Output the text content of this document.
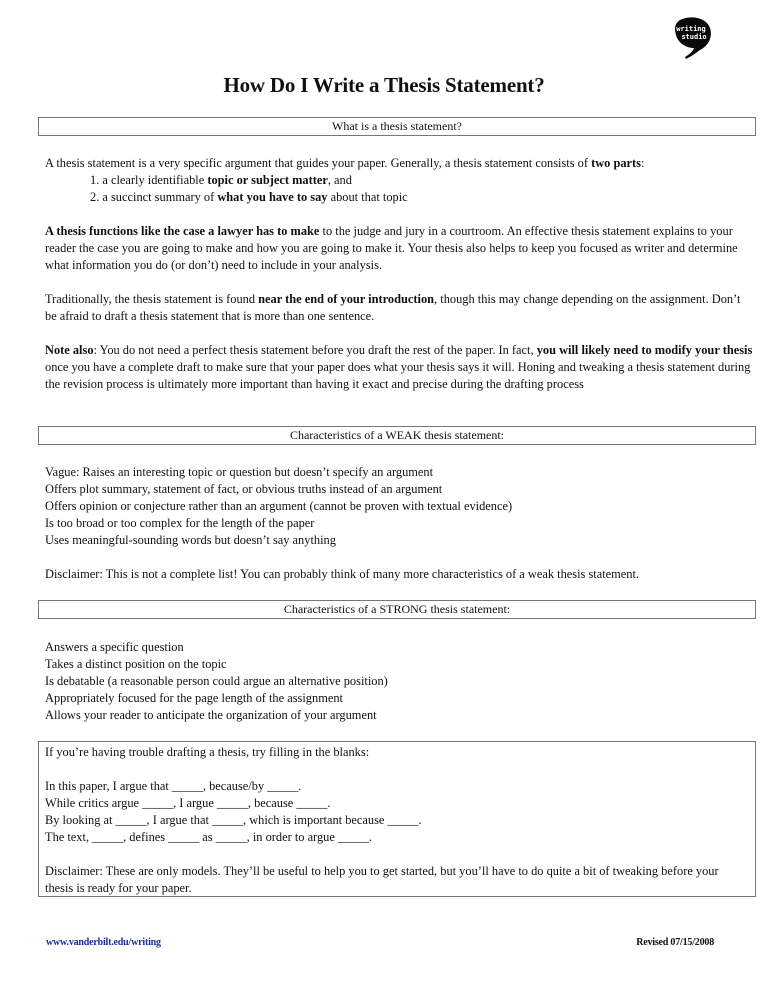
writing
studio
How Do I Write a Thesis Statement?
What is a thesis statement?

A thesis statement is a very specific argument that guides your paper. Generally, a thesis statement consists of two parts:

1. a clearly identifiable topic or subject matter, and
2. a succinct summary of what you have to say about that topic

A thesis functions like the case a lawyer has to make to the judge and jury in a courtroom. An effective thesis statement explains to your reader the case you are going to make and how you are going to make it. Your thesis also helps to keep you focused as writer and determine what information you do (or don’t) need to include in your analysis.

Traditionally, the thesis statement is found near the end of your introduction, though this may change depending on the assignment. Don’t be afraid to draft a thesis statement that is more than one sentence.

Note also: You do not need a perfect thesis statement before you draft the rest of the paper. In fact, you will likely need to modify your thesis once you have a complete draft to make sure that your paper does what your thesis says it will. Honing and tweaking a thesis statement during the revision process is ultimately more important than having it exact and precise during the drafting process

Characteristics of a WEAK thesis statement:

Vague: Raises an interesting topic or question but doesn’t specify an argument

Offers plot summary, statement of fact, or obvious truths instead of an argument

Offers opinion or conjecture rather than an argument (cannot be proven with textual evidence)

Is too broad or too complex for the length of the paper

Uses meaningful-sounding words but doesn’t say anything

Disclaimer: This is not a complete list! You can probably think of many more characteristics of a weak thesis statement.

Characteristics of a STRONG thesis statement:

Answers a specific question

Takes a distinct position on the topic

Is debatable (a reasonable person could argue an alternative position)

Appropriately focused for the page length of the assignment

Allows your reader to anticipate the organization of your argument

If you’re having trouble drafting a thesis, try filling in the blanks:

In this paper, I argue that _____, because/by _____.

While critics argue _____, I argue _____, because _____.

By looking at _____, I argue that _____, which is important because _____.

The text, _____, defines _____ as _____, in order to argue _____.

Disclaimer: These are only models. They’ll be useful to help you to get started, but you’ll have to do quite a bit of tweaking before your thesis is ready for your paper.

www.vanderbilt.edu/writing	Revised 07/15/2008
